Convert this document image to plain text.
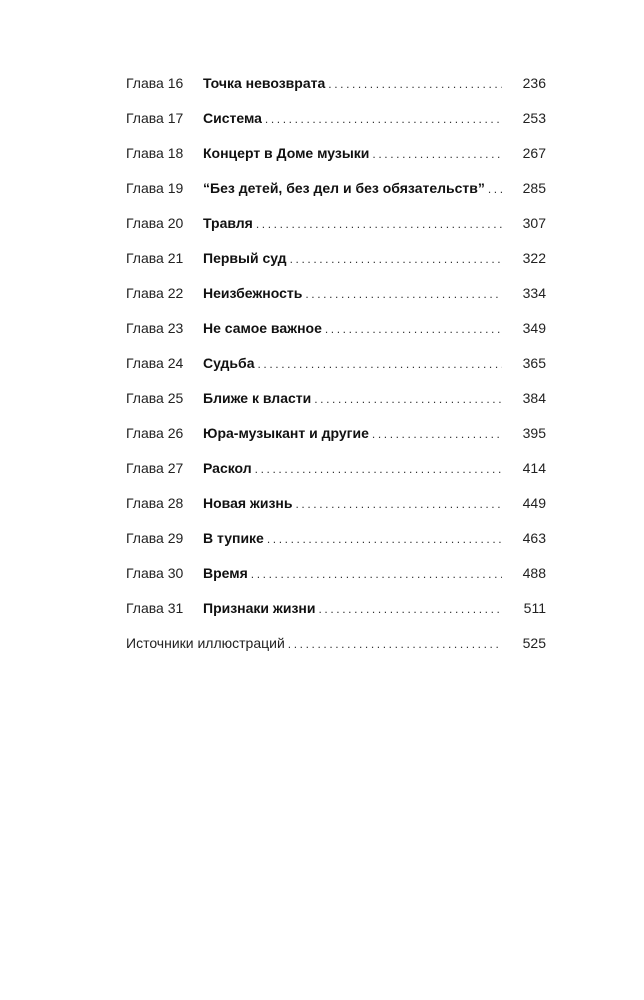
Глава 16	Точка невозврата .....	236
Глава 17	Система .....	253
Глава 18	Концерт в Доме музыки .....	267
Глава 19	“Без детей, без дел и без обязательств” .....	285
Глава 20	Травля .....	307
Глава 21	Первый суд .....	322
Глава 22	Неизбежность .....	334
Глава 23	Не самое важное .....	349
Глава 24	Судьба .....	365
Глава 25	Ближе к власти .....	384
Глава 26	Юра-музыкант и другие .....	395
Глава 27	Раскол .....	414
Глава 28	Новая жизнь .....	449
Глава 29	В тупике .....	463
Глава 30	Время .....	488
Глава 31	Признаки жизни .....	511
Источники иллюстраций .....	525
